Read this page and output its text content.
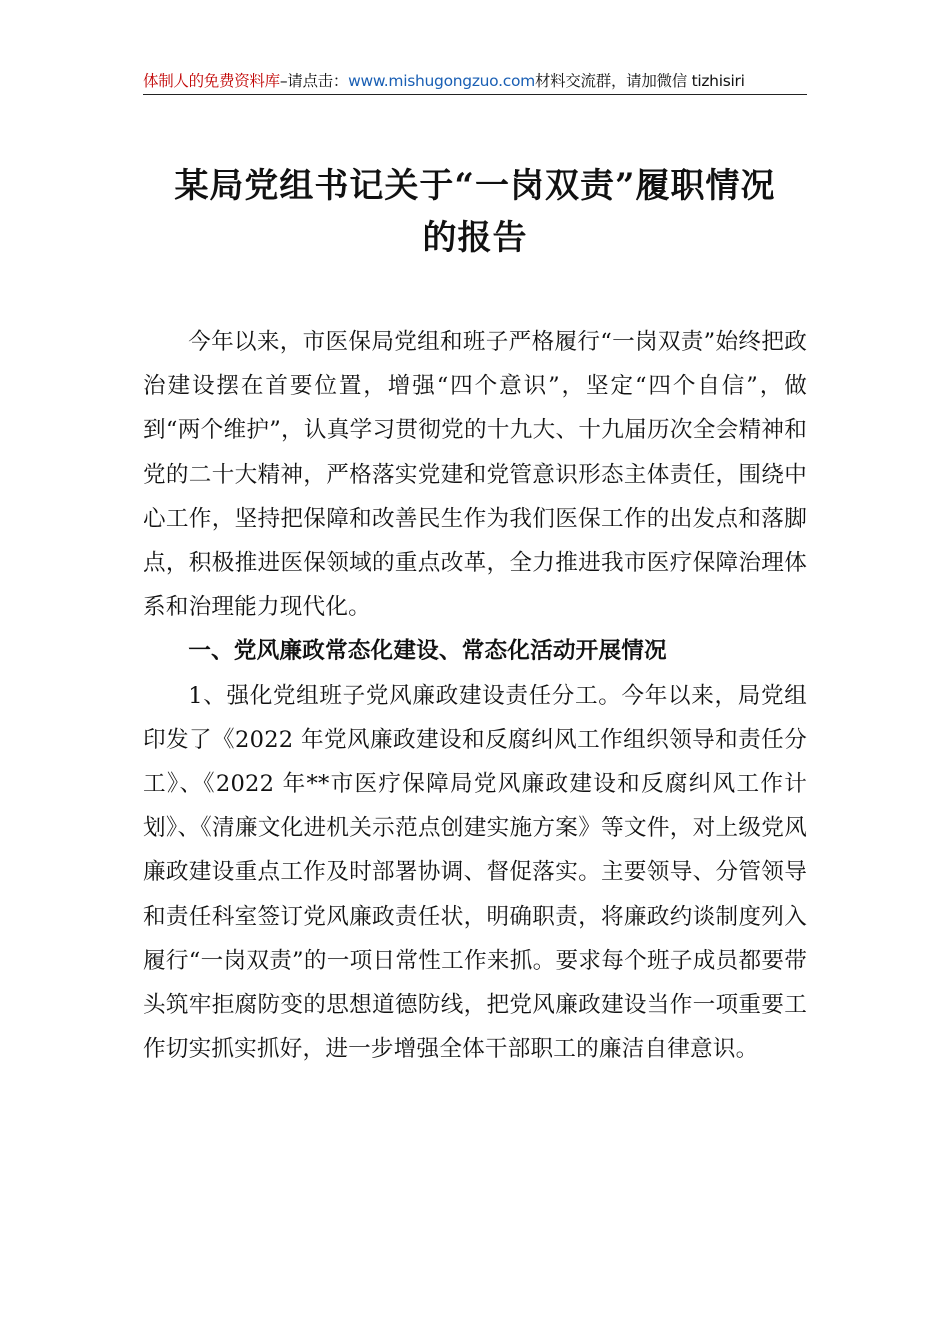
体制人的免费资料库–请点击：www.mishugongzuo.com材料交流群，请加微信 tizhisiri
某局党组书记关于“一岗双责”履职情况
的报告

今年以来，市医保局党组和班子严格履行“一岗双责”始终把政治建设摆在首要位置，增强“四个意识”，坚定“四个自信”，做到“两个维护”，认真学习贯彻党的十九大、十九届历次全会精神和党的二十大精神，严格落实党建和党管意识形态主体责任，围绕中心工作，坚持把保障和改善民生作为我们医保工作的出发点和落脚点，积极推进医保领域的重点改革，全力推进我市医疗保障治理体系和治理能力现代化。

一、党风廉政常态化建设、常态化活动开展情况

1、强化党组班子党风廉政建设责任分工。今年以来，局党组印发了《2022 年党风廉政建设和反腐纠风工作组织领导和责任分工》、《2022 年**市医疗保障局党风廉政建设和反腐纠风工作计划》、《清廉文化进机关示范点创建实施方案》等文件，对上级党风廉政建设重点工作及时部署协调、督促落实。主要领导、分管领导和责任科室签订党风廉政责任状，明确职责，将廉政约谈制度列入履行“一岗双责”的一项日常性工作来抓。要求每个班子成员都要带头筑牢拒腐防变的思想道德防线，把党风廉政建设当作一项重要工作切实抓实抓好，进一步增强全体干部职工的廉洁自律意识。
